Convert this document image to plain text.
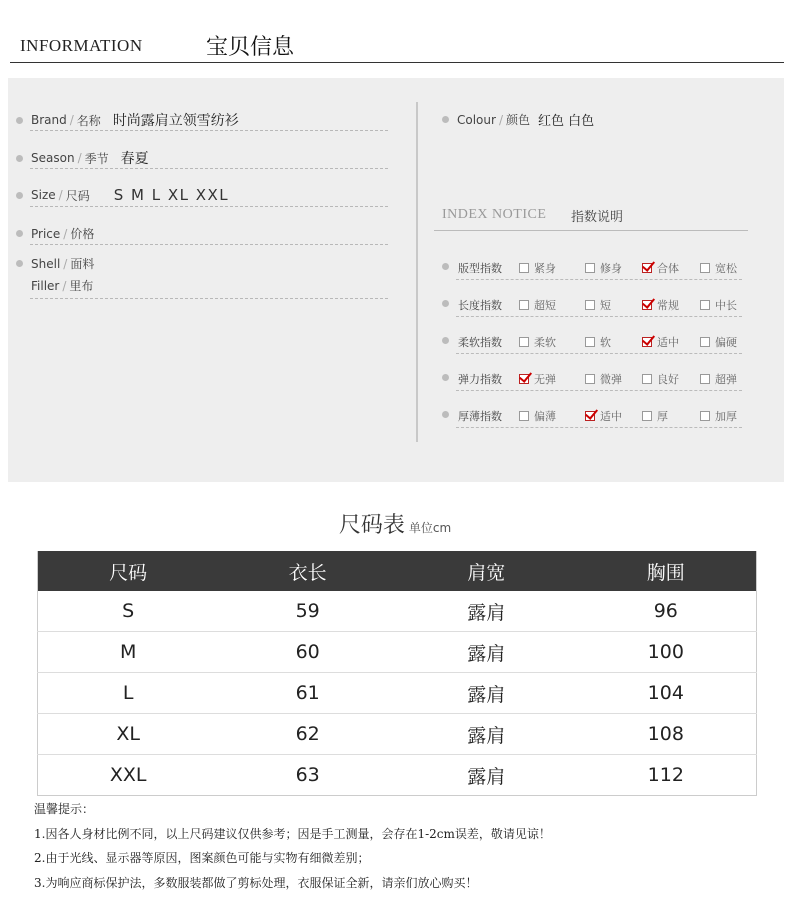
INFORMATION	宝贝信息
Brand / 名称 时尚露肩立领雪纺衫
Season / 季节 春夏
Size / 尺码 S M L XL XXL
Price / 价格
Shell / 面料
Filler / 里布
Colour / 颜色 红色 白色
INDEX NOTICE 指数说明
版型指数	紧身	修身	合体	宽松
长度指数	超短	短	常规	中长
柔软指数	柔软	软	适中	偏硬
弹力指数	无弹	微弹	良好	超弹
厚薄指数	偏薄	适中	厚	加厚
尺码表 单位cm
尺码	衣长	肩宽	胸围
S	59	露肩	96
M	60	露肩	100
L	61	露肩	104
XL	62	露肩	108
XXL	63	露肩	112
温馨提示：
1.因各人身材比例不同，以上尺码建议仅供参考；因是手工测量，会存在1-2cm误差，敬请见谅！
2.由于光线、显示器等原因，图案颜色可能与实物有细微差别；
3.为响应商标保护法，多数服装都做了剪标处理，衣服保证全新，请亲们放心购买！
